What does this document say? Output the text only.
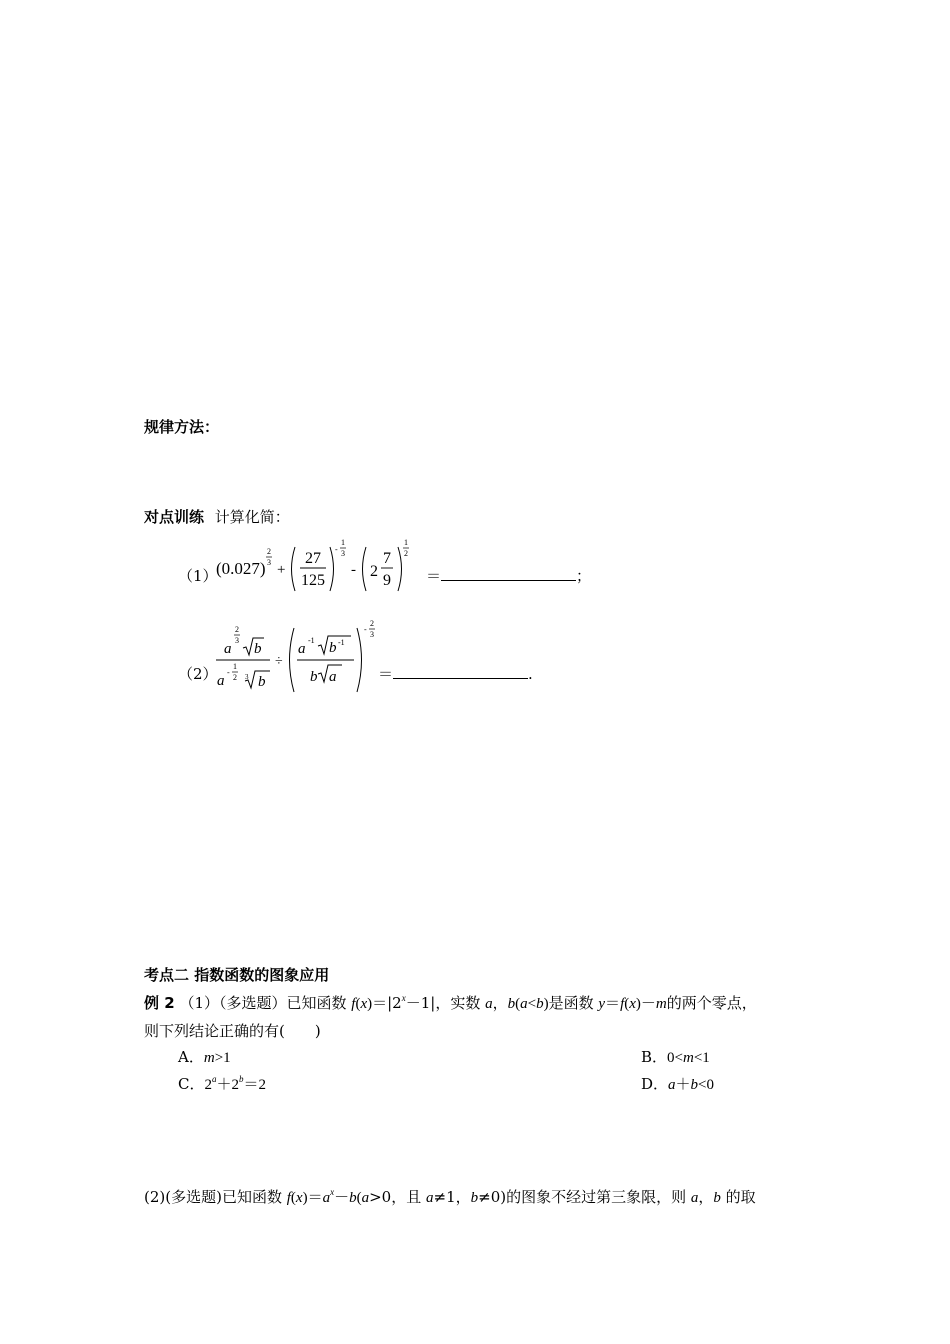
规律方法：
对点训练 计算化简：
（1）
(0.027)
2
3 +
27
125
-
1
3
- 2
7
9
1
2
＝	；
（2）
a
2
3
b
a
-
1
2 3 b
÷
a
-1 b -1
b a
-
2
3
＝	.
考点二 指数函数的图象应用
例 2 （1）（多选题）已知函数 $f(x)=|2^x-1|$，实数 a，b(a<b)是函数 y＝f(x)－m的两个零点，
则下列结论正确的有(　　)
A．m>1	B．0<m<1
C．$2^a+2^b=2$	D．a＋b<0
(2)(多选题)已知函数 $f(x)=a^x-b(a>0$，且 a≠1，b≠0)的图象不经过第三象限，则 a，b 的取
